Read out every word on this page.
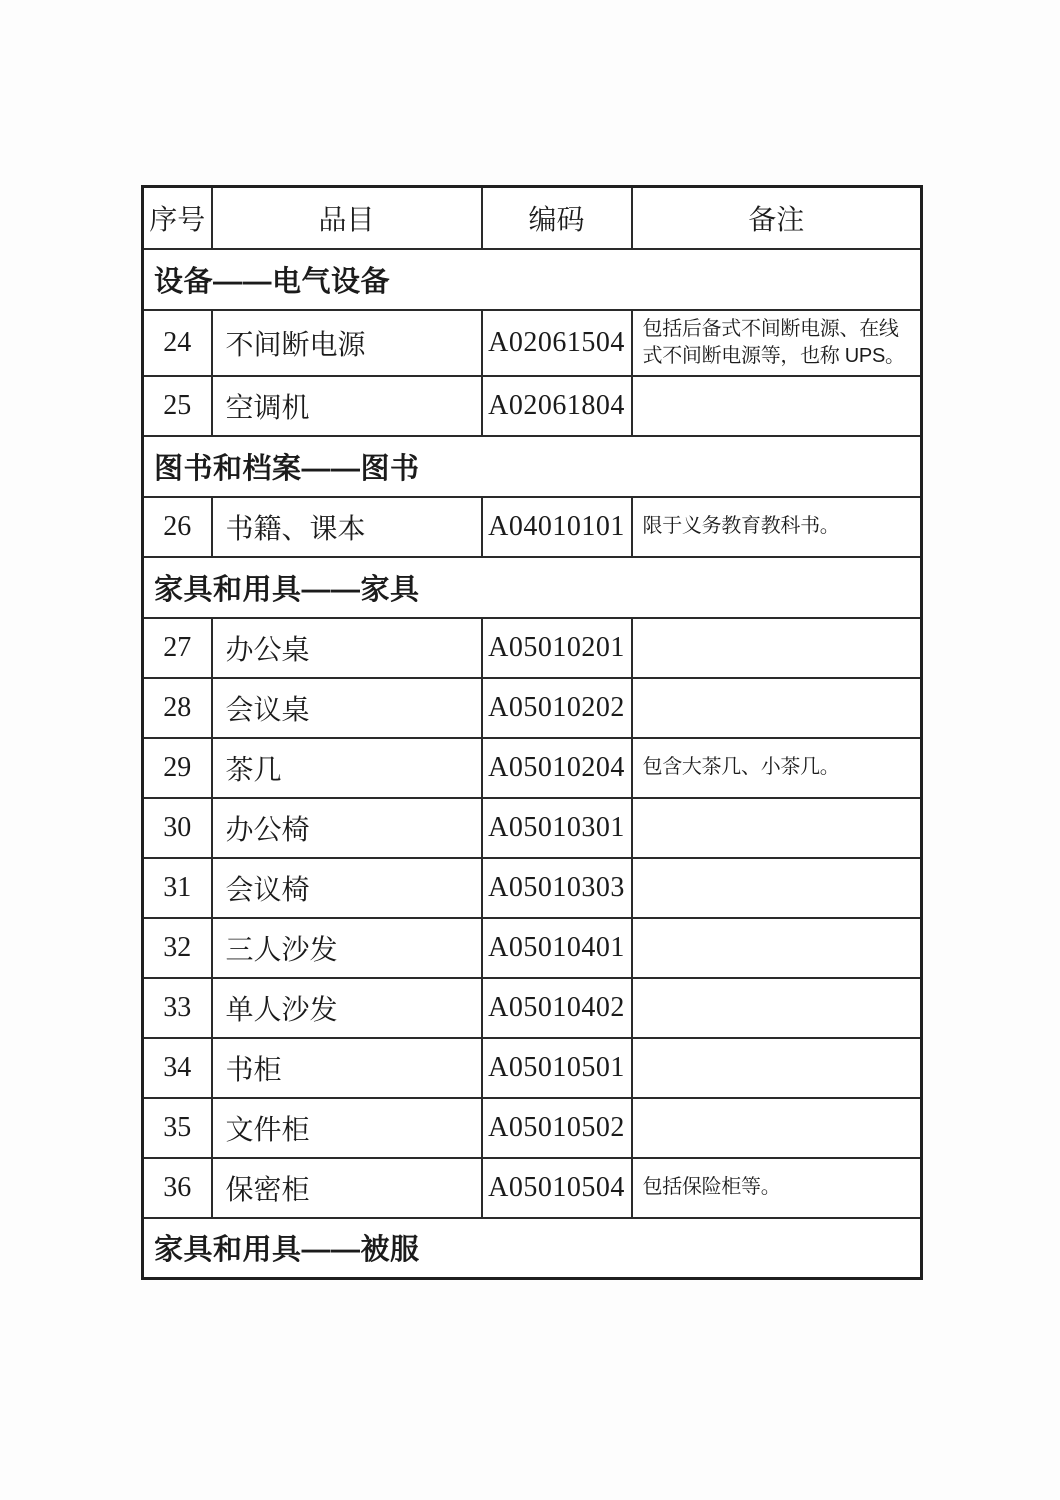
序号	品目	编码	备注
设备——电气设备			
24	不间断电源	A02061504	包括后备式不间断电源、在线式不间断电源等，也称 UPS。
25	空调机	A02061804	
图书和档案——图书			
26	书籍、课本	A04010101	限于义务教育教科书。
家具和用具——家具			
27	办公桌	A05010201	
28	会议桌	A05010202	
29	茶几	A05010204	包含大茶几、小茶几。
30	办公椅	A05010301	
31	会议椅	A05010303	
32	三人沙发	A05010401	
33	单人沙发	A05010402	
34	书柜	A05010501	
35	文件柜	A05010502	
36	保密柜	A05010504	包括保险柜等。
家具和用具——被服			
